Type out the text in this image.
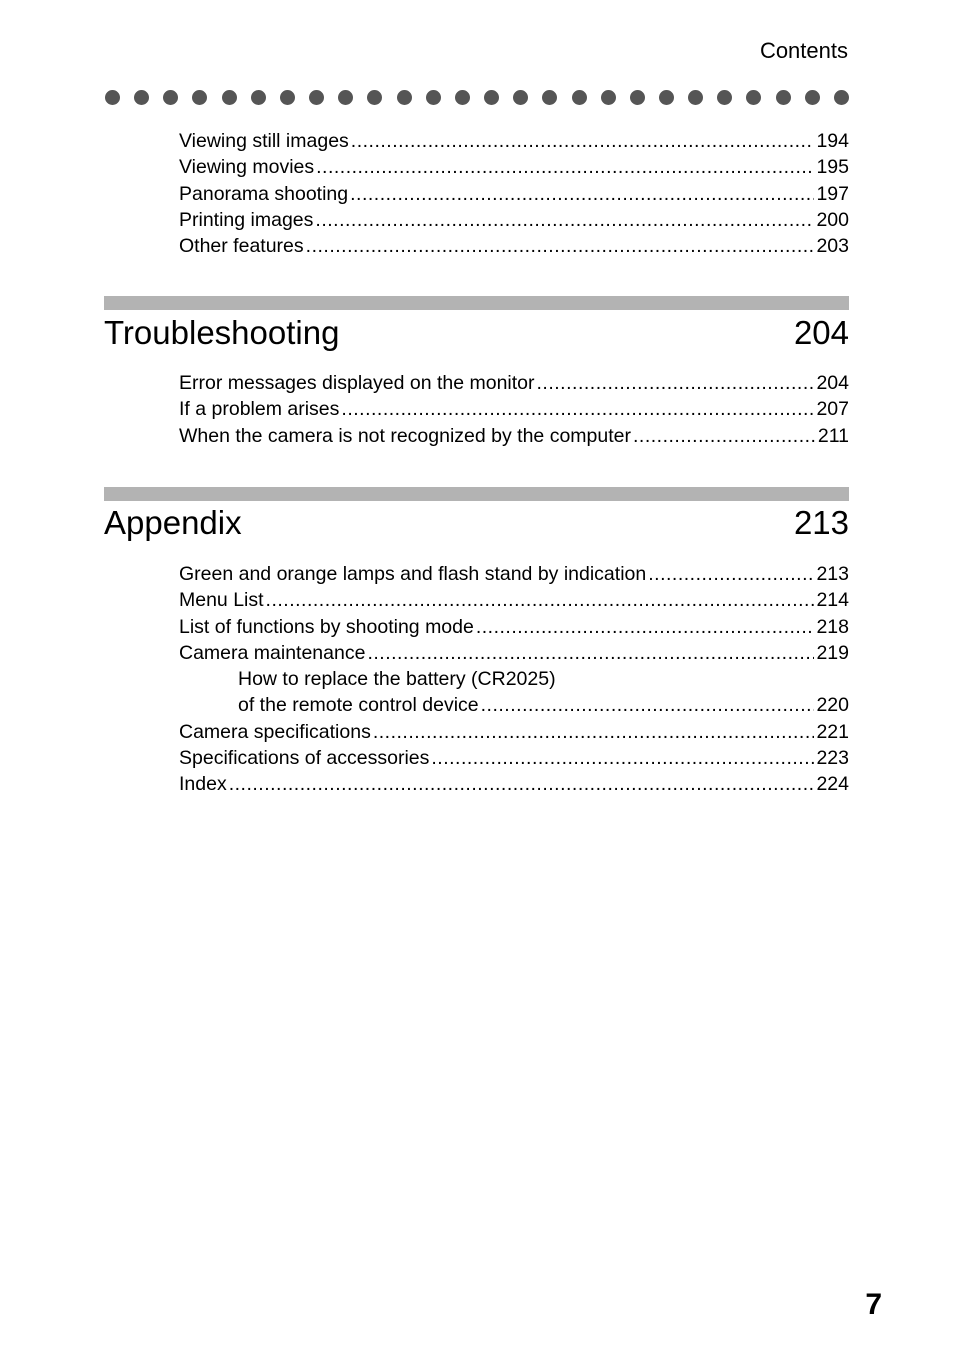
Contents
Viewing still images .....	194
Viewing movies .....	195
Panorama shooting .....	197
Printing images .....	200
Other features .....	203
Troubleshooting	204
Error messages displayed on the monitor .....	204
If a problem arises .....	207
When the camera is not recognized by the computer .....	211
Appendix	213
Green and orange lamps and flash stand by indication .....	213
Menu List .....	214
List of functions by shooting mode .....	218
Camera maintenance .....	219
How to replace the battery (CR2025)
of the remote control device .....	220
Camera specifications .....	221
Specifications of accessories .....	223
Index .....	224
7
